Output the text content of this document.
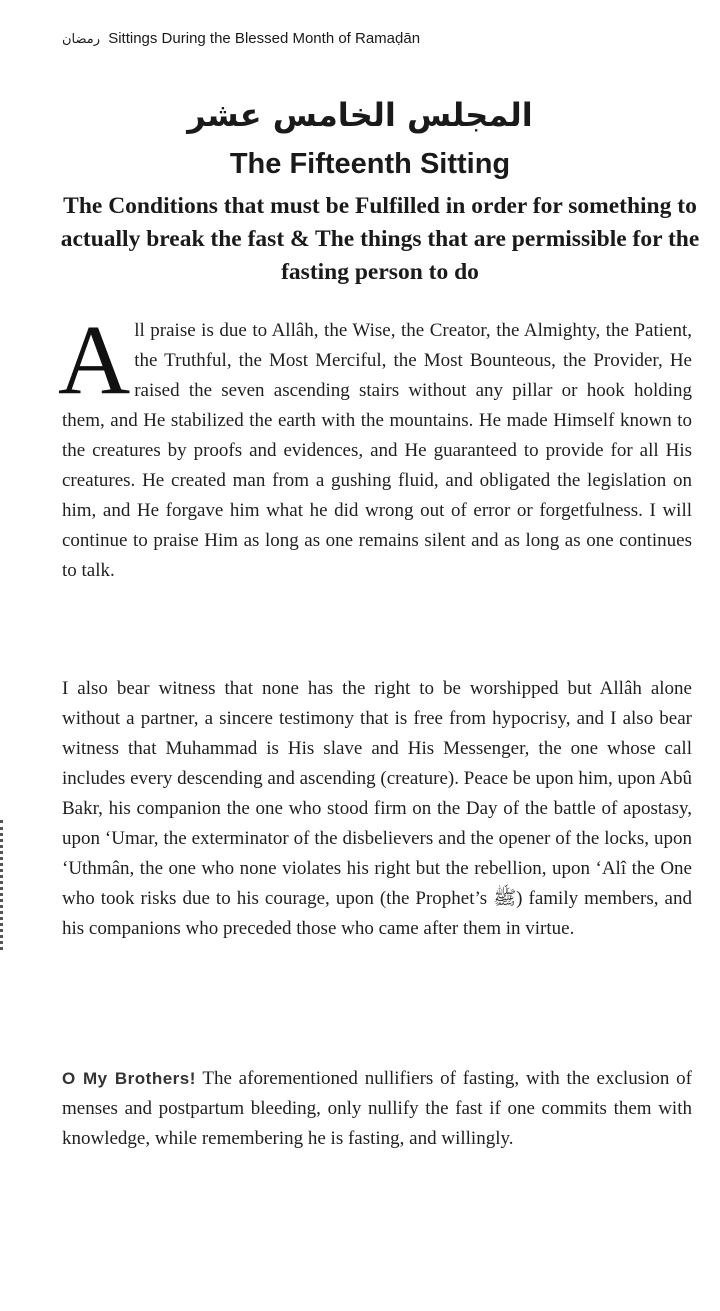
رمضان Sittings During the Blessed Month of Ramaḍān
المجلس الخامس عشر
The Fifteenth Sitting
The Conditions that must be Fulfilled in order for something to actually break the fast & The things that are permissible for the fasting person to do
All praise is due to Allâh, the Wise, the Creator, the Almighty, the Patient, the Truthful, the Most Merciful, the Most Bounteous, the Provider, He raised the seven ascending stairs without any pillar or hook holding them, and He stabilized the earth with the mountains. He made Himself known to the creatures by proofs and evidences, and He guaranteed to provide for all His creatures. He created man from a gushing fluid, and obligated the legislation on him, and He forgave him what he did wrong out of error or forgetfulness. I will continue to praise Him as long as one remains silent and as long as one continues to talk.
I also bear witness that none has the right to be worshipped but Allâh alone without a partner, a sincere testimony that is free from hypocrisy, and I also bear witness that Muhammad is His slave and His Messenger, the one whose call includes every descending and ascending (creature). Peace be upon him, upon Abû Bakr, his companion the one who stood firm on the Day of the battle of apostasy, upon ‘Umar, the exterminator of the disbelievers and the opener of the locks, upon ‘Uthmân, the one who none violates his right but the rebellion, upon ‘Alî the One who took risks due to his courage, upon (the Prophet’s ﷺ) family members, and his companions who preceded those who came after them in virtue.
O My Brothers! The aforementioned nullifiers of fasting, with the exclusion of menses and postpartum bleeding, only nullify the fast if one commits them with knowledge, while remembering he is fasting, and willingly.
